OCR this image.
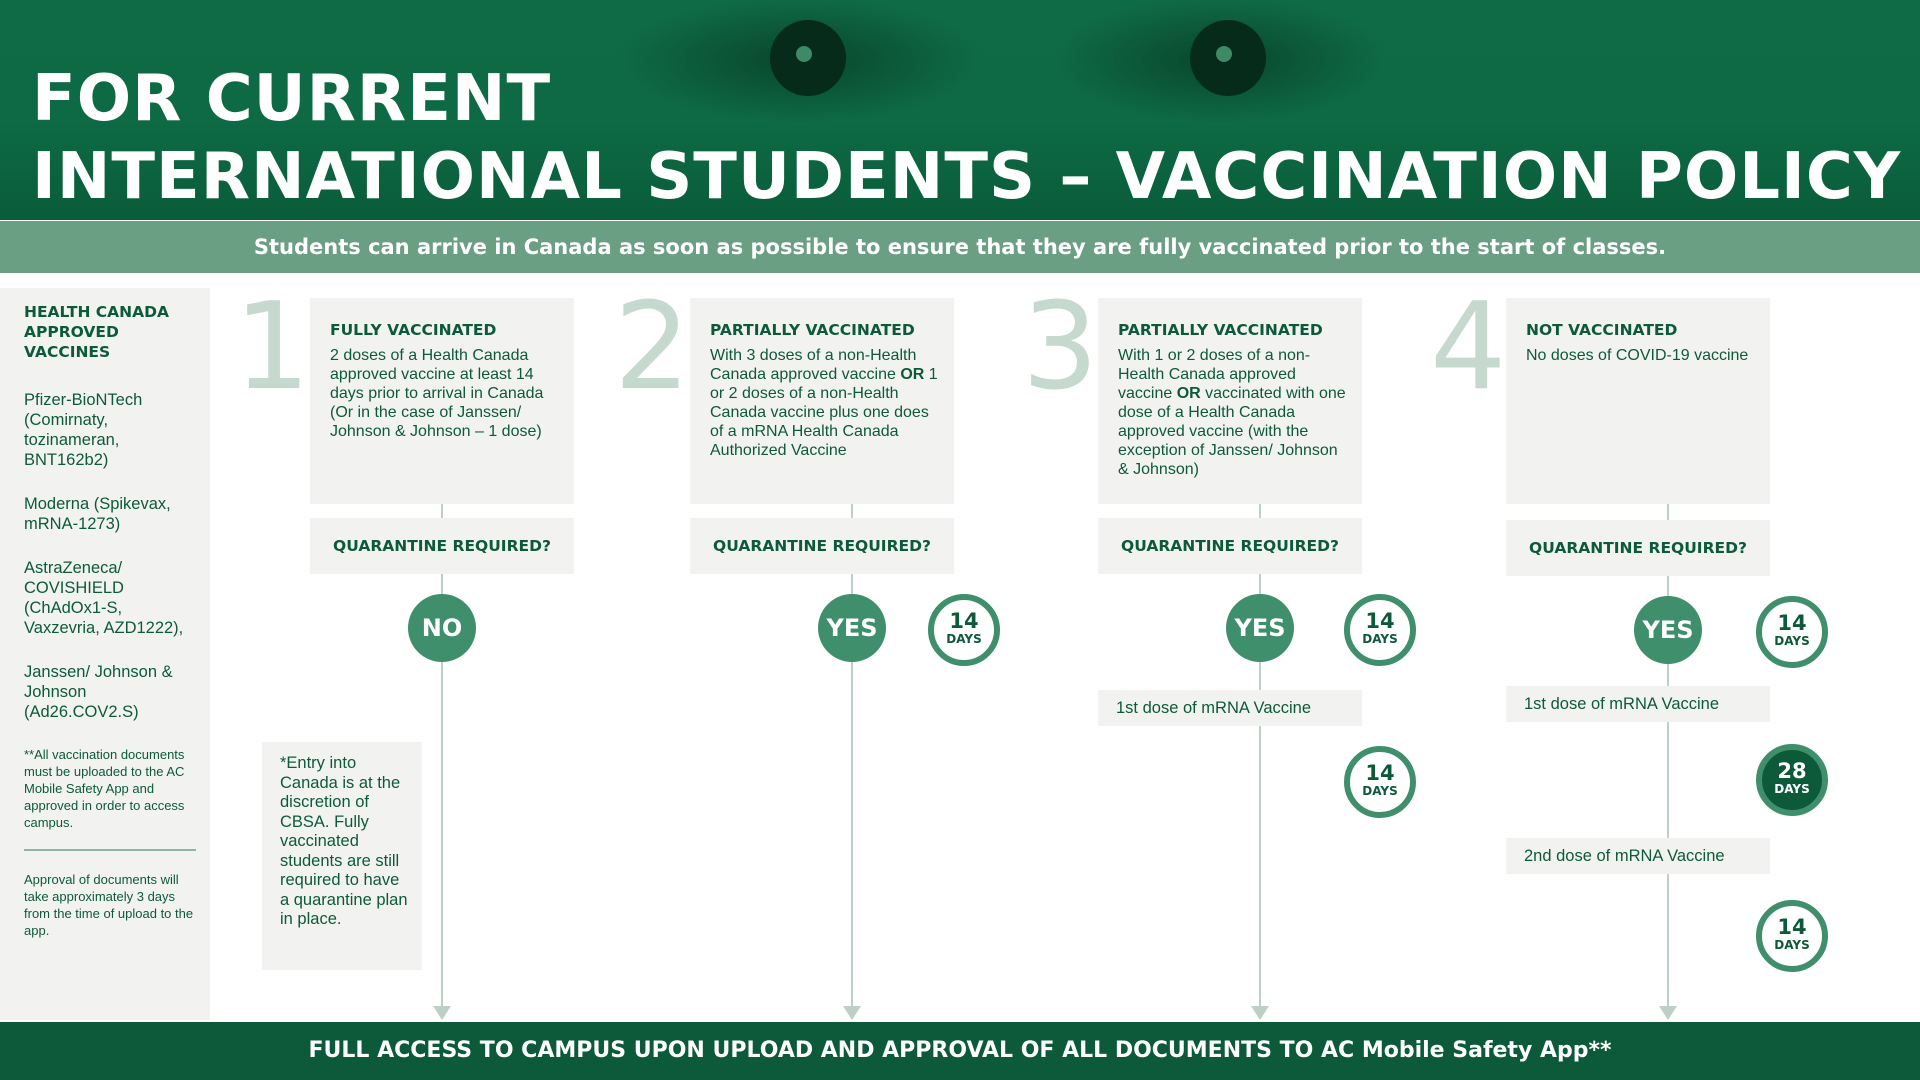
FOR CURRENT
INTERNATIONAL STUDENTS – VACCINATION POLICY
Students can arrive in Canada as soon as possible to ensure that they are fully vaccinated prior to the start of classes.
HEALTH CANADA APPROVED VACCINES
Pfizer-BioNTech (Comirnaty, tozinameran, BNT162b2)
Moderna (Spikevax, mRNA-1273)
AstraZeneca/ COVISHIELD (ChAdOx1-S, Vaxzevria, AZD1222),
Janssen/ Johnson & Johnson (Ad26.COV2.S)
**All vaccination documents must be uploaded to the AC Mobile Safety App and approved in order to access campus.
Approval of documents will take approximately 3 days from the time of upload to the app.
1 FULLY VACCINATED
2 doses of a Health Canada approved vaccine at least 14 days prior to arrival in Canada (Or in the case of Janssen/ Johnson & Johnson – 1 dose)
QUARANTINE REQUIRED?
NO
*Entry into Canada is at the discretion of CBSA. Fully vaccinated students are still required to have a quarantine plan in place.
2 PARTIALLY VACCINATED
With 3 doses of a non-Health Canada approved vaccine OR 1 or 2 doses of a non-Health Canada vaccine plus one does of a mRNA Health Canada Authorized Vaccine
QUARANTINE REQUIRED?
YES	14
DAYS
3 PARTIALLY VACCINATED
With 1 or 2 doses of a non-Health Canada approved vaccine OR vaccinated with one dose of a Health Canada approved vaccine (with the exception of Janssen/ Johnson & Johnson)
QUARANTINE REQUIRED?
YES	14
DAYS
1st dose of mRNA Vaccine
14
DAYS
4 NOT VACCINATED
No doses of COVID-19 vaccine
QUARANTINE REQUIRED?
YES	14
DAYS
1st dose of mRNA Vaccine
28
DAYS
2nd dose of mRNA Vaccine
14
DAYS
FULL ACCESS TO CAMPUS UPON UPLOAD AND APPROVAL OF ALL DOCUMENTS TO AC Mobile Safety App**
